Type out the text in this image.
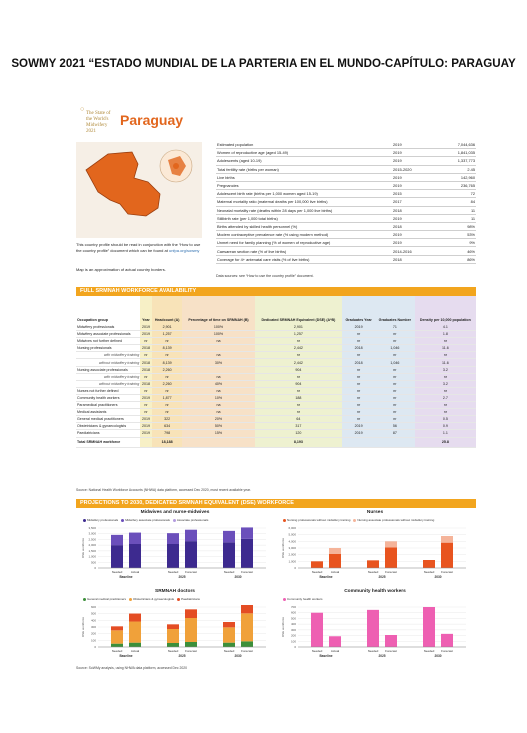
SOWMY 2021 “ESTADO MUNDIAL DE LA PARTERIA EN EL MUNDO-CAPÍTULO: PARAGUAY
○
The State of the World's Midwifery 2021
Paraguay
This country profile should be read in conjunction with the “How to use the country profile” document which can be found at unfpa.org/sowmy
Map is an approximation of actual country borders.
Estimated population	2019	7,044,636
Women of reproductive age (aged 15-49)	2019	1,841,035
Adolescents (aged 10-19)	2019	1,337,773
Total fertility rate (births per woman)	2015-2020	2.45
Live births	2019	142,960
Pregnancies	2019	236,765
Adolescent birth rate (births per 1,000 women aged 15-19)	2015	72
Maternal mortality ratio (maternal deaths per 100,000 live births)	2017	84
Neonatal mortality rate (deaths within 28 days per 1,000 live births)	2018	11
Stillbirth rate (per 1,000 total births)	2019	11
Births attended by skilled health personnel (%)	2018	98%
Modern contraceptive prevalence rate (% using modern method)	2019	53%
Unmet need for family planning (% of women of reproductive age)	2019	9%
Caesarean section rate (% of live births)	2014-2016	46%
Coverage for 4+ antenatal care visits (% of live births)	2018	86%
Data sources: see “How to use the country profile” document.
FULL SRMNAH WORKFORCE AVAILABILITY
Occupation group	Year	Headcount (A)	Percentage of time on SRMNAH (B)	Dedicated SRMNAH Equivalent (DSE) (A*B)	Graduates Year	Graduates Number	Density per 10,000 population
Midwifery professionals	2019	2,901	100%	2,901	2019	71	4.1
Midwifery associate professionals	2019	1,257	100%	1,257	nr	nr	1.8
Midwives not further defined	nr	nr	na	nr	nr	nr	nr
Nursing professionals	2018	8,139		2,442	2018	1,046	11.6
with midwifery training	nr	nr	na	nr	nr	nr	nr
without midwifery training	2018	8,139	30%	2,442	2018	1,046	11.6
Nursing associate professionals	2018	2,260		904	nr	nr	3.2
with midwifery training	nr	nr	na	nr	nr	nr	nr
without midwifery training	2018	2,260	40%	904	nr	nr	3.2
Nurses not further defined	nr	nr	na	nr	nr	nr	nr
Community health workers	2019	1,877	10%	188	nr	nr	2.7
Paramedical practitioners	nr	nr	na	nr	nr	nr	nr
Medical assistants	nr	nr	na	nr	nr	nr	nr
General medical practitioners	2019	322	20%	64	nr	nr	0.5
Obstetricians & gynaecologists	2019	634	50%	317	2019	56	0.9
Paediatricians	2019	798	15%	120	2019	87	1.1
Total SRMNAH workforce		18,188		8,193			25.8
Source: National Health Workforce Accounts (NHWA) data platform, accessed Dec 2020, most recent available year.
PROJECTIONS TO 2030, DEDICATED SRMNAH EQUIVALENT (DSE) WORKFORCE
Midwives and nurse-midwives
Midwifery professionals Midwifery associate professionals Associate professionals
0
500
1,000
1,500
2,000
2,500
3,000
3,500
DSE workforce
Needed	Actual	Needed Forecast	Needed Forecast
Baseline	2025	2030
Nurses
Nursing professionals without midwifery training Nursing associate professionals without midwifery training
0
1,000
2,000
3,000
4,000
5,000
6,000
DSE workforce
Needed	Actual	Needed Forecast	Needed Forecast
Baseline	2025	2030
SRMNAH doctors
General medical practitioners Obstetricians & gynaecologists Paediatricians
0
100
200
300
400
500
600
DSE workforce
Needed	Actual	Needed Forecast	Needed Forecast
Baseline	2025	2030
Community health workers
Community health workers
0
100
200
300
400
500
600
700
DSE workforce
Needed	Actual	Needed Forecast	Needed Forecast
Baseline	2025	2030
Source: SoWMy analysis, using NHWA data platform, accessed Dec 2020
